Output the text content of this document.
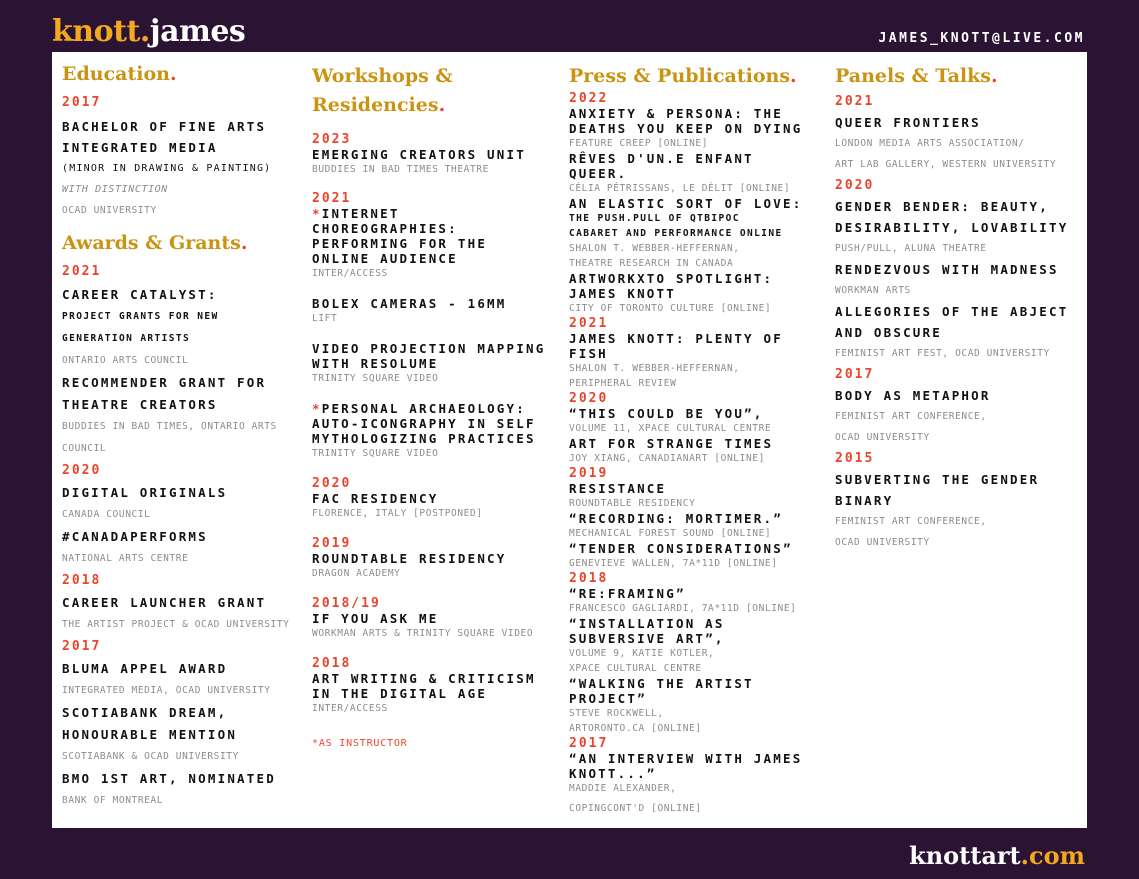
knott.james	JAMES_KNOTT@LIVE.COM
Education.
2017
BACHELOR OF FINE ARTS
INTEGRATED MEDIA
(MINOR IN DRAWING & PAINTING)
WITH DISTINCTION
OCAD UNIVERSITY
Awards & Grants.
2021
CAREER CATALYST:
PROJECT GRANTS FOR NEW
GENERATION ARTISTS
ONTARIO ARTS COUNCIL
RECOMMENDER GRANT FOR
THEATRE CREATORS
BUDDIES IN BAD TIMES, ONTARIO ARTS
COUNCIL
2020
DIGITAL ORIGINALS
CANADA COUNCIL
#CANADAPERFORMS
NATIONAL ARTS CENTRE
2018
CAREER LAUNCHER GRANT
THE ARTIST PROJECT & OCAD UNIVERSITY
2017
BLUMA APPEL AWARD
INTEGRATED MEDIA, OCAD UNIVERSITY
SCOTIABANK DREAM,
HONOURABLE MENTION
SCOTIABANK & OCAD UNIVERSITY
BMO 1ST ART, NOMINATED
BANK OF MONTREAL
Workshops &
Residencies.
2023
EMERGING CREATORS UNIT
BUDDIES IN BAD TIMES THEATRE
2021
*INTERNET
CHOREOGRAPHIES:
PERFORMING FOR THE
ONLINE AUDIENCE
INTER/ACCESS
BOLEX CAMERAS - 16MM
LIFT
VIDEO PROJECTION MAPPING
WITH RESOLUME
TRINITY SQUARE VIDEO
*PERSONAL ARCHAEOLOGY:
AUTO-ICONGRAPHY IN SELF
MYTHOLOGIZING PRACTICES
TRINITY SQUARE VIDEO
2020
FAC RESIDENCY
FLORENCE, ITALY [POSTPONED]
2019
ROUNDTABLE RESIDENCY
DRAGON ACADEMY
2018/19
IF YOU ASK ME
WORKMAN ARTS & TRINITY SQUARE VIDEO
2018
ART WRITING & CRITICISM
IN THE DIGITAL AGE
INTER/ACCESS
*AS INSTRUCTOR
Press & Publications.
2022
ANXIETY & PERSONA: THE
DEATHS YOU KEEP ON DYING
FEATURE CREEP [ONLINE]
RÊVES D'UN.E ENFANT
QUEER.
CÉLIA PÉTRISSANS, LE DÉLIT [ONLINE]
AN ELASTIC SORT OF LOVE:
THE PUSH.PULL OF QTBIPOC
CABARET AND PERFORMANCE ONLINE
SHALON T. WEBBER-HEFFERNAN,
THEATRE RESEARCH IN CANADA
ARTWORKXTO SPOTLIGHT:
JAMES KNOTT
CITY OF TORONTO CULTURE [ONLINE]
2021
JAMES KNOTT: PLENTY OF
FISH
SHALON T. WEBBER-HEFFERNAN,
PERIPHERAL REVIEW
2020
“THIS COULD BE YOU”,
VOLUME 11, XPACE CULTURAL CENTRE
ART FOR STRANGE TIMES
JOY XIANG, CANADIANART [ONLINE]
2019
RESISTANCE
ROUNDTABLE RESIDENCY
“RECORDING: MORTIMER.”
MECHANICAL FOREST SOUND [ONLINE]
“TENDER CONSIDERATIONS”
GENEVIEVE WALLEN, 7A*11D [ONLINE]
2018
“RE:FRAMING”
FRANCESCO GAGLIARDI, 7A*11D [ONLINE]
“INSTALLATION AS
SUBVERSIVE ART”,
VOLUME 9, KATIE KOTLER,
XPACE CULTURAL CENTRE
“WALKING THE ARTIST
PROJECT”
STEVE ROCKWELL,
ARTORONTO.CA [ONLINE]
2017
“AN INTERVIEW WITH JAMES
KNOTT...”
MADDIE ALEXANDER,
COPINGCONT'D [ONLINE]
Panels & Talks.
2021
QUEER FRONTIERS
LONDON MEDIA ARTS ASSOCIATION/
ART LAB GALLERY, WESTERN UNIVERSITY
2020
GENDER BENDER: BEAUTY,
DESIRABILITY, LOVABILITY
PUSH/PULL, ALUNA THEATRE
RENDEZVOUS WITH MADNESS
WORKMAN ARTS
ALLEGORIES OF THE ABJECT
AND OBSCURE
FEMINIST ART FEST, OCAD UNIVERSITY
2017
BODY AS METAPHOR
FEMINIST ART CONFERENCE,
OCAD UNIVERSITY
2015
SUBVERTING THE GENDER
BINARY
FEMINIST ART CONFERENCE,
OCAD UNIVERSITY
knottart.com
